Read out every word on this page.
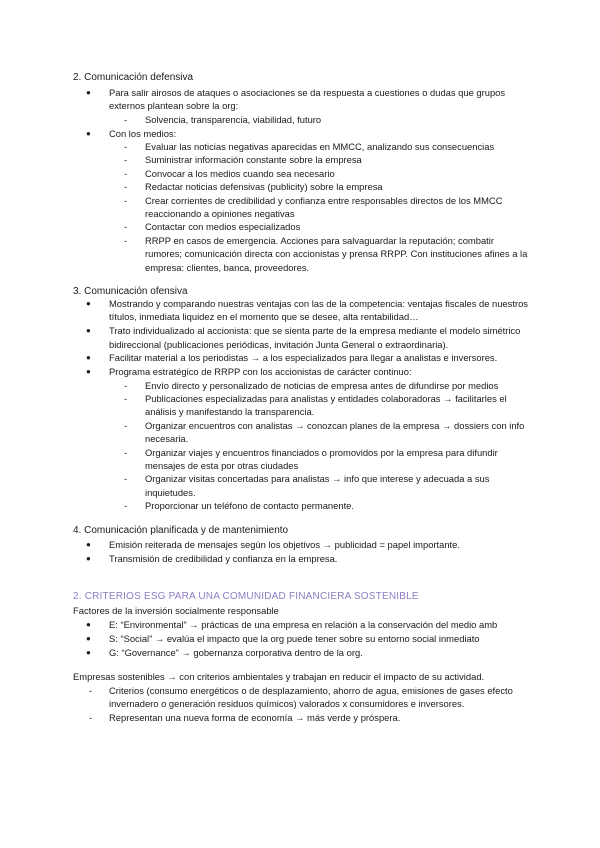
2. Comunicación defensiva
● Para salir airosos de ataques o asociaciones se da respuesta a cuestiones o dudas que grupos externos plantean sobre la org:
- Solvencia, transparencia, viabilidad, futuro
● Con los medios:
- Evaluar las noticias negativas aparecidas en MMCC, analizando sus consecuencias
- Suministrar información constante sobre la empresa
- Convocar a los medios cuando sea necesario
- Redactar noticias defensivas (publicity) sobre la empresa
- Crear corrientes de credibilidad y confianza entre responsables directos de los MMCC reaccionando a opiniones negativas
- Contactar con medios especializados
- RRPP en casos de emergencia. Acciones para salvaguardar la reputación; combatir rumores; comunicación directa con accionistas y prensa RRPP. Con instituciones afines a la empresa: clientes, banca, proveedores.
3. Comunicación ofensiva
● Mostrando y comparando nuestras ventajas con las de la competencia: ventajas fiscales de nuestros títulos, inmediata liquidez en el momento que se desee, alta rentabilidad…
● Trato individualizado al accionista: que se sienta parte de la empresa mediante el modelo simétrico bidireccional (publicaciones periódicas, invitación Junta General o extraordinaria).
● Facilitar material a los periodistas → a los especializados para llegar a analistas e inversores.
● Programa estratégico de RRPP con los accionistas de carácter continuo:
- Envío directo y personalizado de noticias de empresa antes de difundirse por medios
- Publicaciones especializadas para analistas y entidades colaboradoras → facilitarles el análisis y manifestando la transparencia.
- Organizar encuentros con analistas → conozcan planes de la empresa → dossiers con info necesaria.
- Organizar viajes y encuentros financiados o promovidos por la empresa para difundir mensajes de esta por otras ciudades
- Organizar visitas concertadas para analistas → info que interese y adecuada a sus inquietudes.
- Proporcionar un teléfono de contacto permanente.
4. Comunicación planificada y de mantenimiento
● Emisión reiterada de mensajes según los objetivos → publicidad = papel importante.
● Transmisión de credibilidad y confianza en la empresa.
2. CRITERIOS ESG PARA UNA COMUNIDAD FINANCIERA SOSTENIBLE

Factores de la inversión socialmente responsable

● E: “Environmental” → prácticas de una empresa en relación a la conservación del medio amb
● S: “Social” → evalúa el impacto que la org puede tener sobre su entorno social inmediato
● G: “Governance” → gobernanza corporativa dentro de la org.

Empresas sostenibles → con criterios ambientales y trabajan en reducir el impacto de su actividad.

- Criterios (consumo energéticos o de desplazamiento, ahorro de agua, emisiones de gases efecto invernadero o generación residuos químicos) valorados x consumidores e inversores.
- Representan una nueva forma de economía → más verde y próspera.
